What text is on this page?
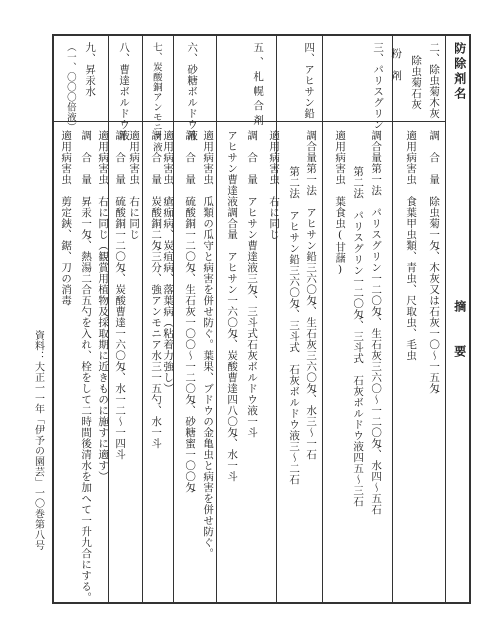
防除剤名
摘　　要
二、除虫菊木灰
除虫菊石灰
調　合　量　除虫菊一匁、木灰又は石灰一〇～一五匁
適用病害虫　食葉甲虫類、青虫、尺取虫、毛虫
三、パリスグリン 粉　剤
調合量第一法　パリスグリン一二〇匁、生石灰三六〇～一二〇匁、水四～五石
第二法　パリスグリン一二〇匁、三斗式　石灰ボルドウ液四五～三石
適用病害虫　葉食虫(甘藷)
四、アヒサン鉛
調合量第一法　アヒサン鉛三六〇匁、生石灰三六〇匁、水三～一石
第二法　アヒサン鉛三六〇匁、三斗式　石灰ボルドウ液三～二石
適用病害虫　右に同じ
五、札幌合剤
調　合　量　アヒサン曹達液三匁、三斗式石灰ボルドウ液一斗
アヒサン曹達液調合量　アヒサン一六〇匁、炭酸曹達四八〇匁、水一斗
適用病害虫　瓜類の瓜守と病害を併せ防ぐ。葉果、ブドウの金亀虫と病害を併せ防ぐ。
六、砂糖ボルドウ液
調　合　量　硫酸銅一二〇匁、生石灰一〇〇～一二〇匁、砂糖蜜一〇〇匁
適用病害虫　瘡痂病、炭疽病、落葉病（粘着力強し）
七、炭酸銅アンモニア液
調　合　量　炭酸銅二匁三分、強アンモニア水三一五勺、水一斗
適用病害虫　右に同じ
八、曹達ボルドウ液
調　合　量　硫酸銅一二〇匁、炭酸曹達一六〇匁、水一二～一四斗
適用病害虫　右に同じ（観賞用植物及採取期に近きものに施すに適す）
九、昇汞水
（一、〇〇〇倍液）
調　合　量　昇汞一匁、熱湯二合五勺を入れ、栓をして二時間後清水を加へて一升九合にする。
適用病害虫　剪定鋏、鋸、刀の消毒
資料：大正一一年「伊予の園芸」一〇巻第八号
